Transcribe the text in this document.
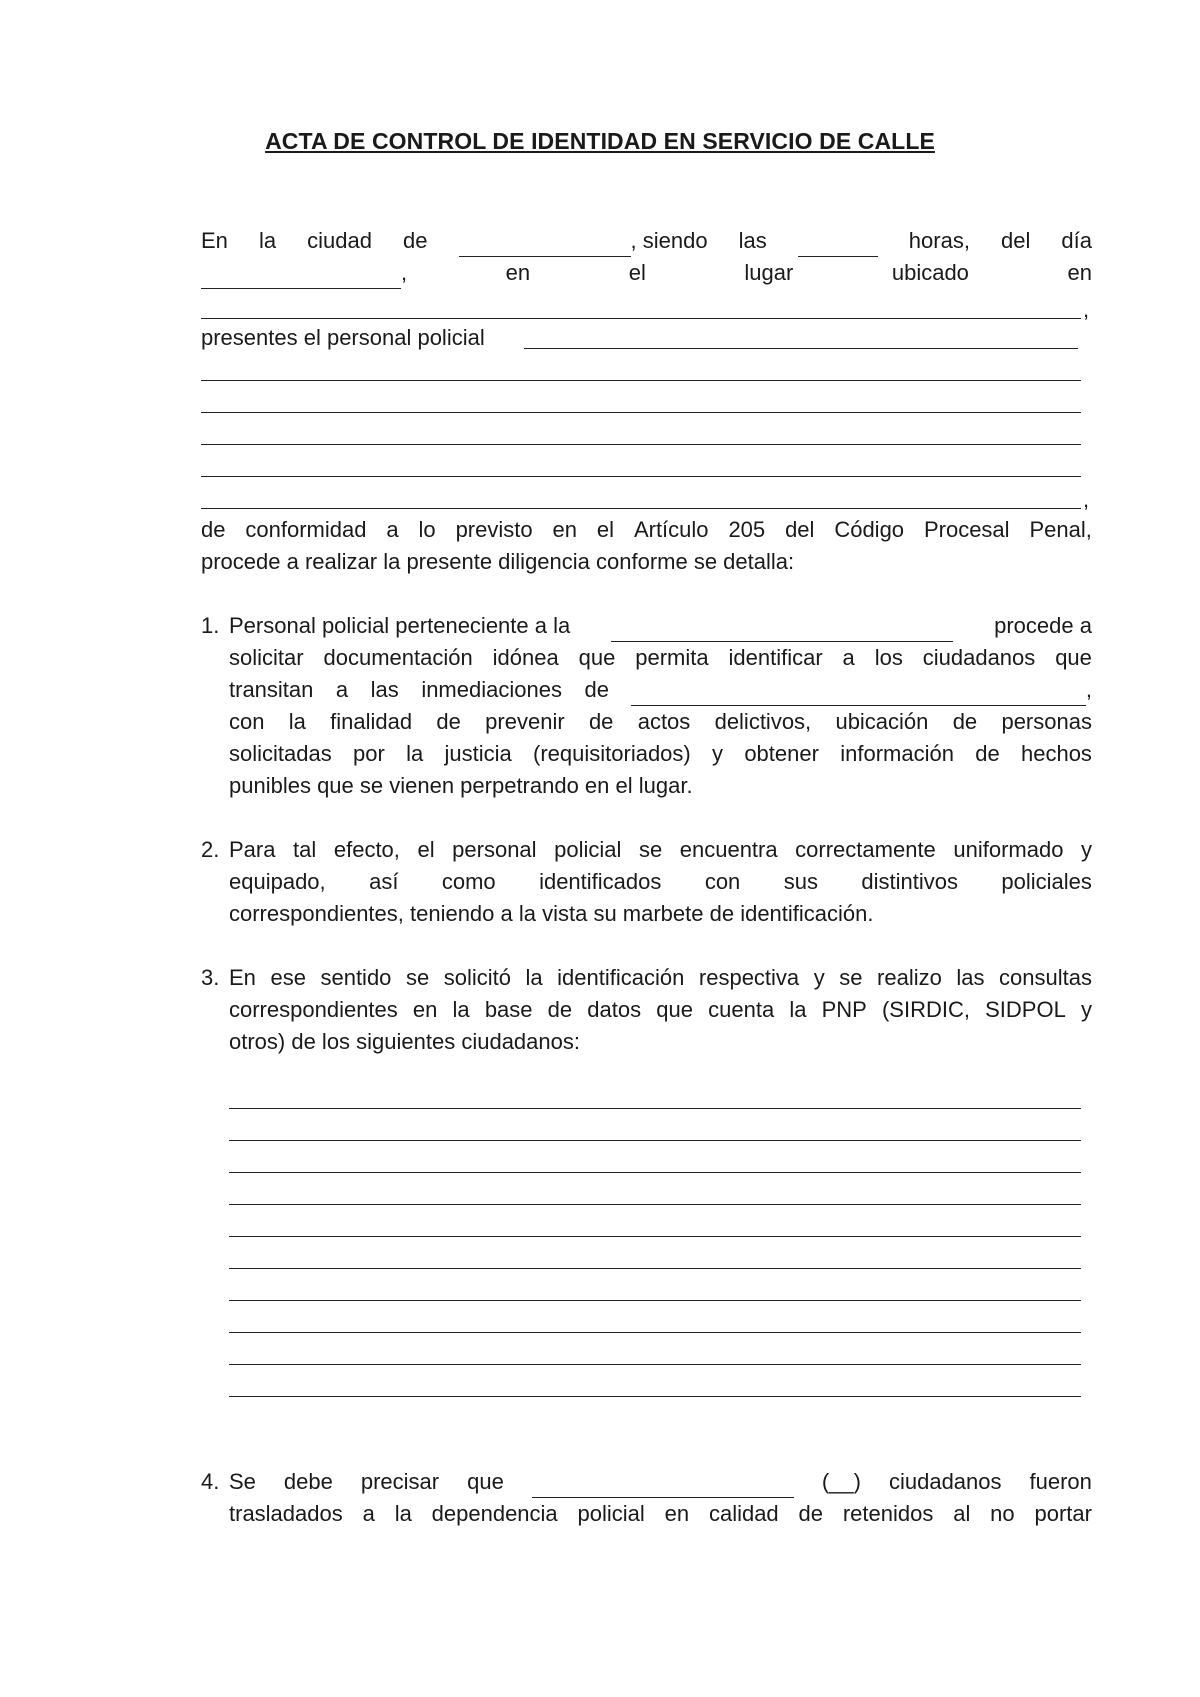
ACTA DE CONTROL DE IDENTIDAD EN SERVICIO DE CALLE
En la ciudad de	, siendo las	horas, del día
,	en	el	lugar	ubicado	en
,
presentes el personal policial
,
de conformidad a lo previsto en el Artículo 205 del Código Procesal Penal,
procede a realizar la presente diligencia conforme se detalla:
1. Personal policial perteneciente a la	procede a
solicitar documentación idónea que permita identificar a los ciudadanos que
transitan a las inmediaciones de	,
con la finalidad de prevenir de actos delictivos, ubicación de personas
solicitadas por la justicia (requisitoriados) y obtener información de hechos
punibles que se vienen perpetrando en el lugar.
2. Para tal efecto, el personal policial se encuentra correctamente uniformado y
equipado, así como identificados con sus distintivos policiales
correspondientes, teniendo a la vista su marbete de identificación.
3. En ese sentido se solicitó la identificación respectiva y se realizo las consultas
correspondientes en la base de datos que cuenta la PNP (SIRDIC, SIDPOL y
otros) de los siguientes ciudadanos:
4. Se debe precisar que	(__) ciudadanos fueron
trasladados a la dependencia policial en calidad de retenidos al no portar
